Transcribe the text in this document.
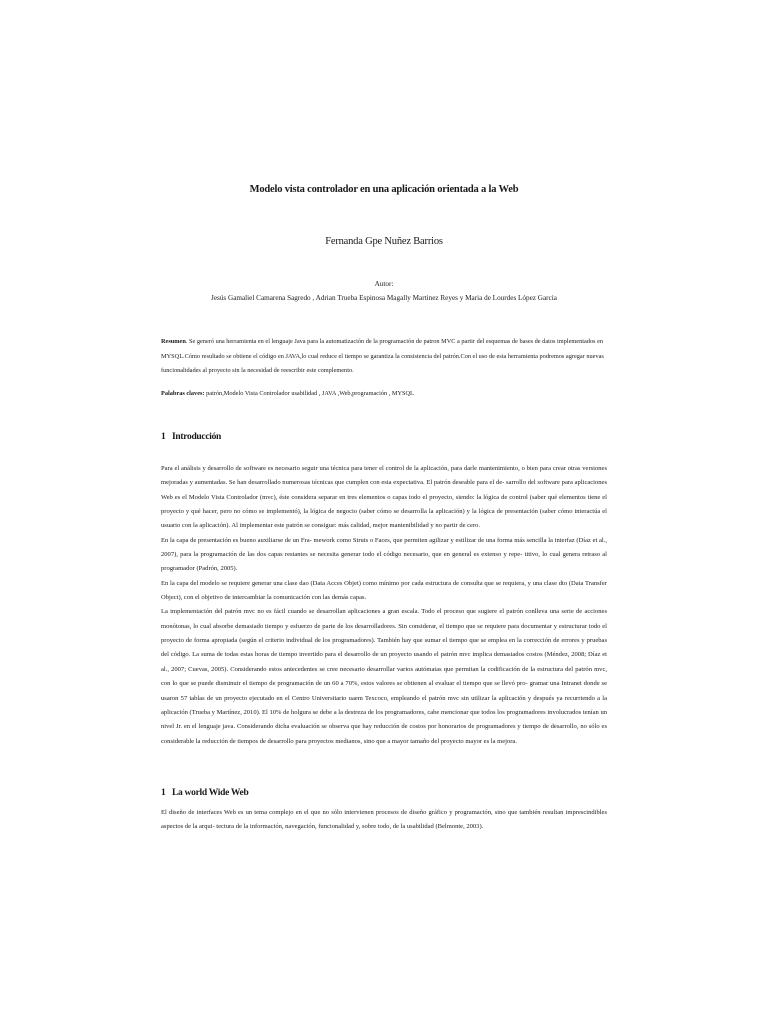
Modelo vista controlador en una aplicación orientada a la Web
Fernanda Gpe Nuñez Barrios
Autor:
Jesús Gamaliel Camarena Sagredo , Adrian Trueba Espinosa Magally Martinez Reyes y Maria de Lourdes López Garcia
Resumen. Se generó una herramienta en el lenguaje Java para la automatización de la programación de patron MVC a partir del esquemas de bases de datos implementados en MYSQL.Cómo resultado se obtiene el código en JAVA,lo cual reduce el tiempo se garantiza la consistencia del patrón.Con el uso de esta herramienta podremos agregar nuevas funcionalidades al proyecto sin la necesidad de reescribir este complemento.
Palabras claves: patrón,Modelo Vista Controlador usabilidad , JAVA ,Web,programación , MYSQL
1 Introducción

Para el análisis y desarrollo de software es necesario seguir una técnica para tener el control de la aplicación, para darle mantenimiento, o bien para crear otras versiones mejoradas y aumentadas. Se han desarrollado numerosas técnicas que cumplen con esta expectativa. El patrón deseable para el de- sarrollo del software para aplicaciones Web es el Modelo Vista Controlador (mvc), éste considera separar en tres elementos o capas todo el proyecto, siendo: la lógica de control (saber qué elementos tiene el proyecto y qué hacer, pero no cómo se implementó), la lógica de negocio (saber cómo se desarrolla la aplicación) y la lógica de presentación (saber cómo interactúa el usuario con la aplicación). Al implementar este patrón se consigue: más calidad, mejor mantenibilidad y no partir de cero.

En la capa de presentación es bueno auxiliarse de un Fra- mework como Struts o Faces, que permiten agilizar y estilizar de una forma más sencilla la interfaz (Díaz et al., 2007), para la programación de las dos capas restantes se necesita generar todo el código necesario, que en general es extenso y repe- titivo, lo cual genera retraso al programador (Padrón, 2005).

En la capa del modelo se requiere generar una clase dao (Data Acces Objet) como mínimo por cada estructura de consulta que se requiera, y una clase dto (Data Transfer Object), con el objetivo de intercambiar la comunicación con las demás capas.

La implementación del patrón mvc no es fácil cuando se desarrollan aplicaciones a gran escala. Todo el proceso que sugiere el patrón conlleva una serie de acciones monótonas, lo cual absorbe demasiado tiempo y esfuerzo de parte de los desarrolladores. Sin considerar, el tiempo que se requiere para documentar y estructurar todo el proyecto de forma apropiada (según el criterio individual de los programadores). También hay que sumar el tiempo que se emplea en la corrección de errores y pruebas del código. La suma de todas estas horas de tiempo invertido para el desarrollo de un proyecto usando el patrón mvc implica demasiados costos (Méndez, 2008; Díaz et al., 2007; Cuevas, 2005). Considerando estos antecedentes se cree necesario desarrollar varios autómatas que permitan la codificación de la estructura del patrón mvc, con lo que se puede disminuir el tiempo de programación de un 60 a 70%, estos valores se obtienen al evaluar el tiempo que se llevó pro- gramar una Intranet donde se usaron 57 tablas de un proyecto ejecutado en el Centro Universitario uaem Texcoco, empleando el patrón mvc sin utilizar la aplicación y después ya recurriendo a la aplicación (Trueba y Martínez, 2010). El 10% de holgura se debe a la destreza de los programadores, cabe mencionar que todos los programadores involucrados tenían un nivel Jr. en el lenguaje java. Considerando dicha evaluación se observa que hay reducción de costos por honorarios de programadores y tiempo de desarrollo, no sólo es considerable la reducción de tiempos de desarrollo para proyectos medianos, sino que a mayor tamaño del proyecto mayor es la mejora.

1 La world Wide Web

El diseño de interfaces Web es un tema complejo en el que no sólo intervienen procesos de diseño gráfico y programación, sino que también resultan imprescindibles aspectos de la arqui- tectura de la información, navegación, funcionalidad y, sobre todo, de la usabilidad (Belmonte, 2003).
